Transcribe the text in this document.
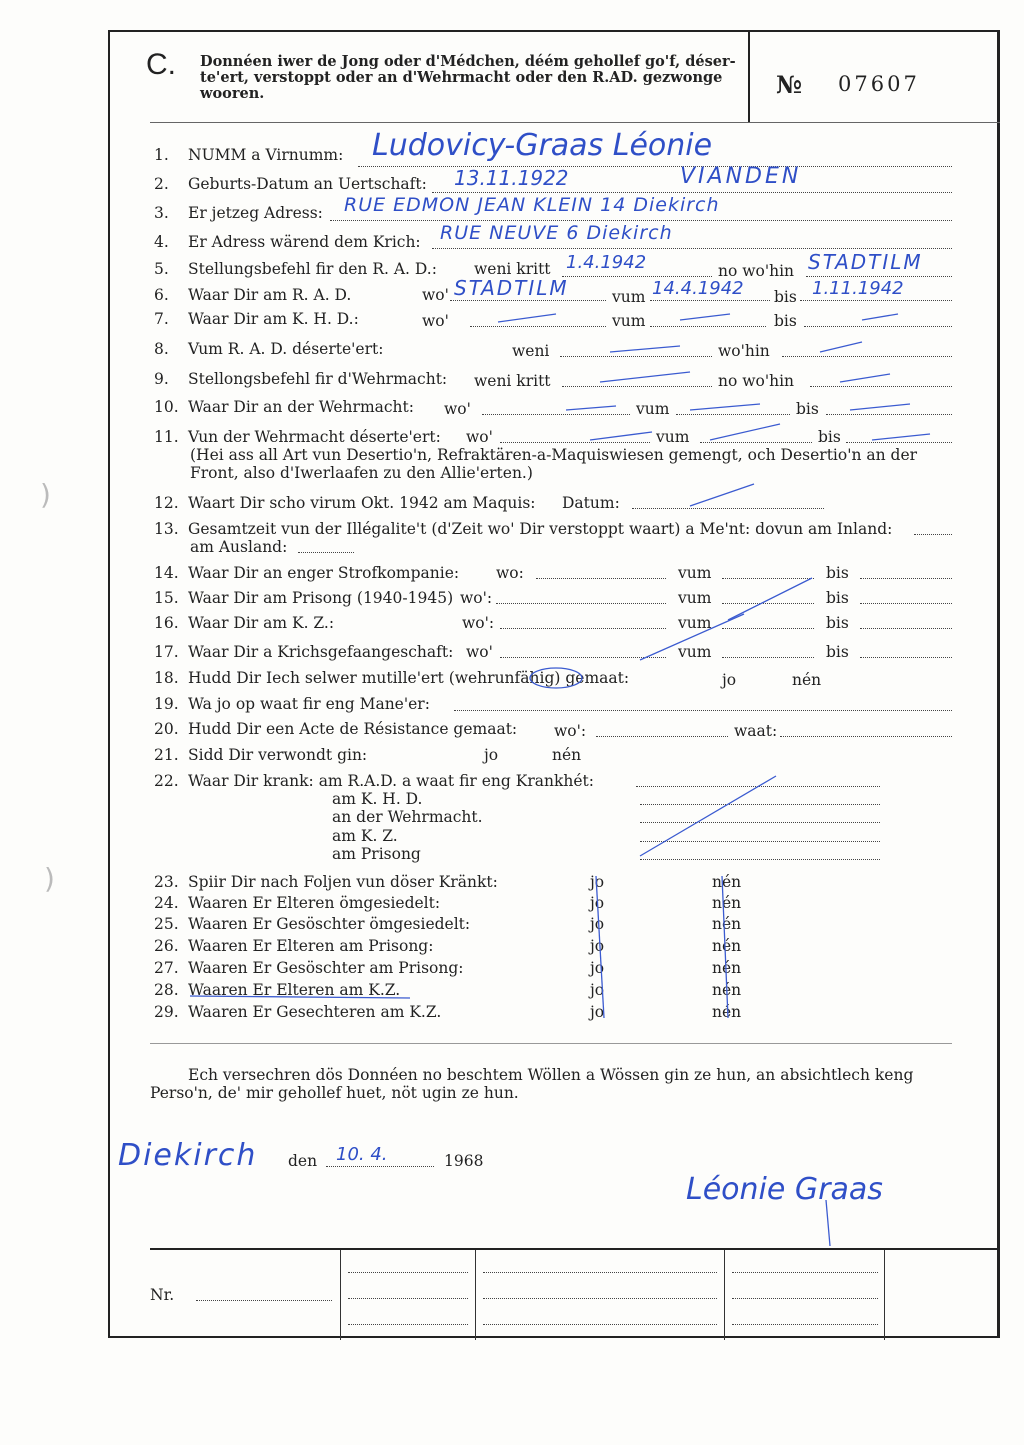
)
)
C. Donnéen iwer de Jong oder d'Médchen, déém gehollef go'f, déser-te'ert, verstoppt oder an d'Wehrmacht oder den R.AD. gezwonge wooren.	№ 07607
1. NUMM a Virnumm: Ludovicy-Graas Léonie
2. Geburts-Datum an Uertschaft: 13.11.1922	VIANDEN
3. Er jetzeg Adress: RUE EDMON JEAN KLEIN 14 Diekirch
4. Er Adress wärend dem Krich: RUE NEUVE 6 Diekirch
5. Stellungsbefehl fir den R. A. D.: weni kritt 1.4.1942	no wo'hin STADTILM
6. Waar Dir am R. A. D.	wo' STADTILM	vum 14.4.1942 bis 1.11.1942
7. Waar Dir am K. H. D.:	wo'	vum	bis
8. Vum R. A. D. déserte'ert:	weni	wo'hin
9. Stellongsbefehl fir d'Wehrmacht: weni kritt	no wo'hin
10. Waar Dir an der Wehrmacht: wo'	vum	bis
11. Vun der Wehrmacht déserte'ert: wo'	vum	bis
(Hei ass all Art vun Desertio'n, Refraktären-a-Maquiswiesen gemengt, och Desertio'n an der Front, also d'Iwerlaafen zu den Allie'erten.)
12. Waart Dir scho virum Okt. 1942 am Maquis: Datum:
13. Gesamtzeit vun der Illégalite't (d'Zeit wo' Dir verstoppt waart) a Me'nt: dovun am Inland:
am Ausland:
14. Waar Dir an enger Strofkompanie: wo:	vum	bis
15. Waar Dir am Prisong (1940-1945) wo':	vum	bis
16. Waar Dir am K. Z.:	wo':	vum	bis
17. Waar Dir a Krichsgefaangeschaft: wo'	vum	bis
18. Hudd Dir Iech selwer mutille'ert (wehrunfähig) gemaat:	jo	nén
19. Wa jo op waat fir eng Mane'er:
20. Hudd Dir een Acte de Résistance gemaat: wo':	waat:
21. Sidd Dir verwondt gin:	jo	nén
22. Waar Dir krank: am R.A.D. a waat fir eng Krankhét:
am K. H. D.
an der Wehrmacht.
am K. Z.
am Prisong
23. Spiir Dir nach Foljen vun döser Kränkt:	jo	nén
24. Waaren Er Elteren ömgesiedelt:	jo	nén
25. Waaren Er Gesöschter ömgesiedelt:	jo	nén
26. Waaren Er Elteren am Prisong:	jo	nén
27. Waaren Er Gesöschter am Prisong:	jo	nén
28. Waaren Er Elteren am K.Z.	jo	nén
29. Waaren Er Gesechteren am K.Z.	jo	nén
Ech versechren dös Donnéen no beschtem Wöllen a Wössen gin ze hun, an absichtlech keng Perso'n, de' mir gehollef huet, nöt ugin ze hun.
Diekirch den 10. 4.	1968
Léonie Graas
Nr.
